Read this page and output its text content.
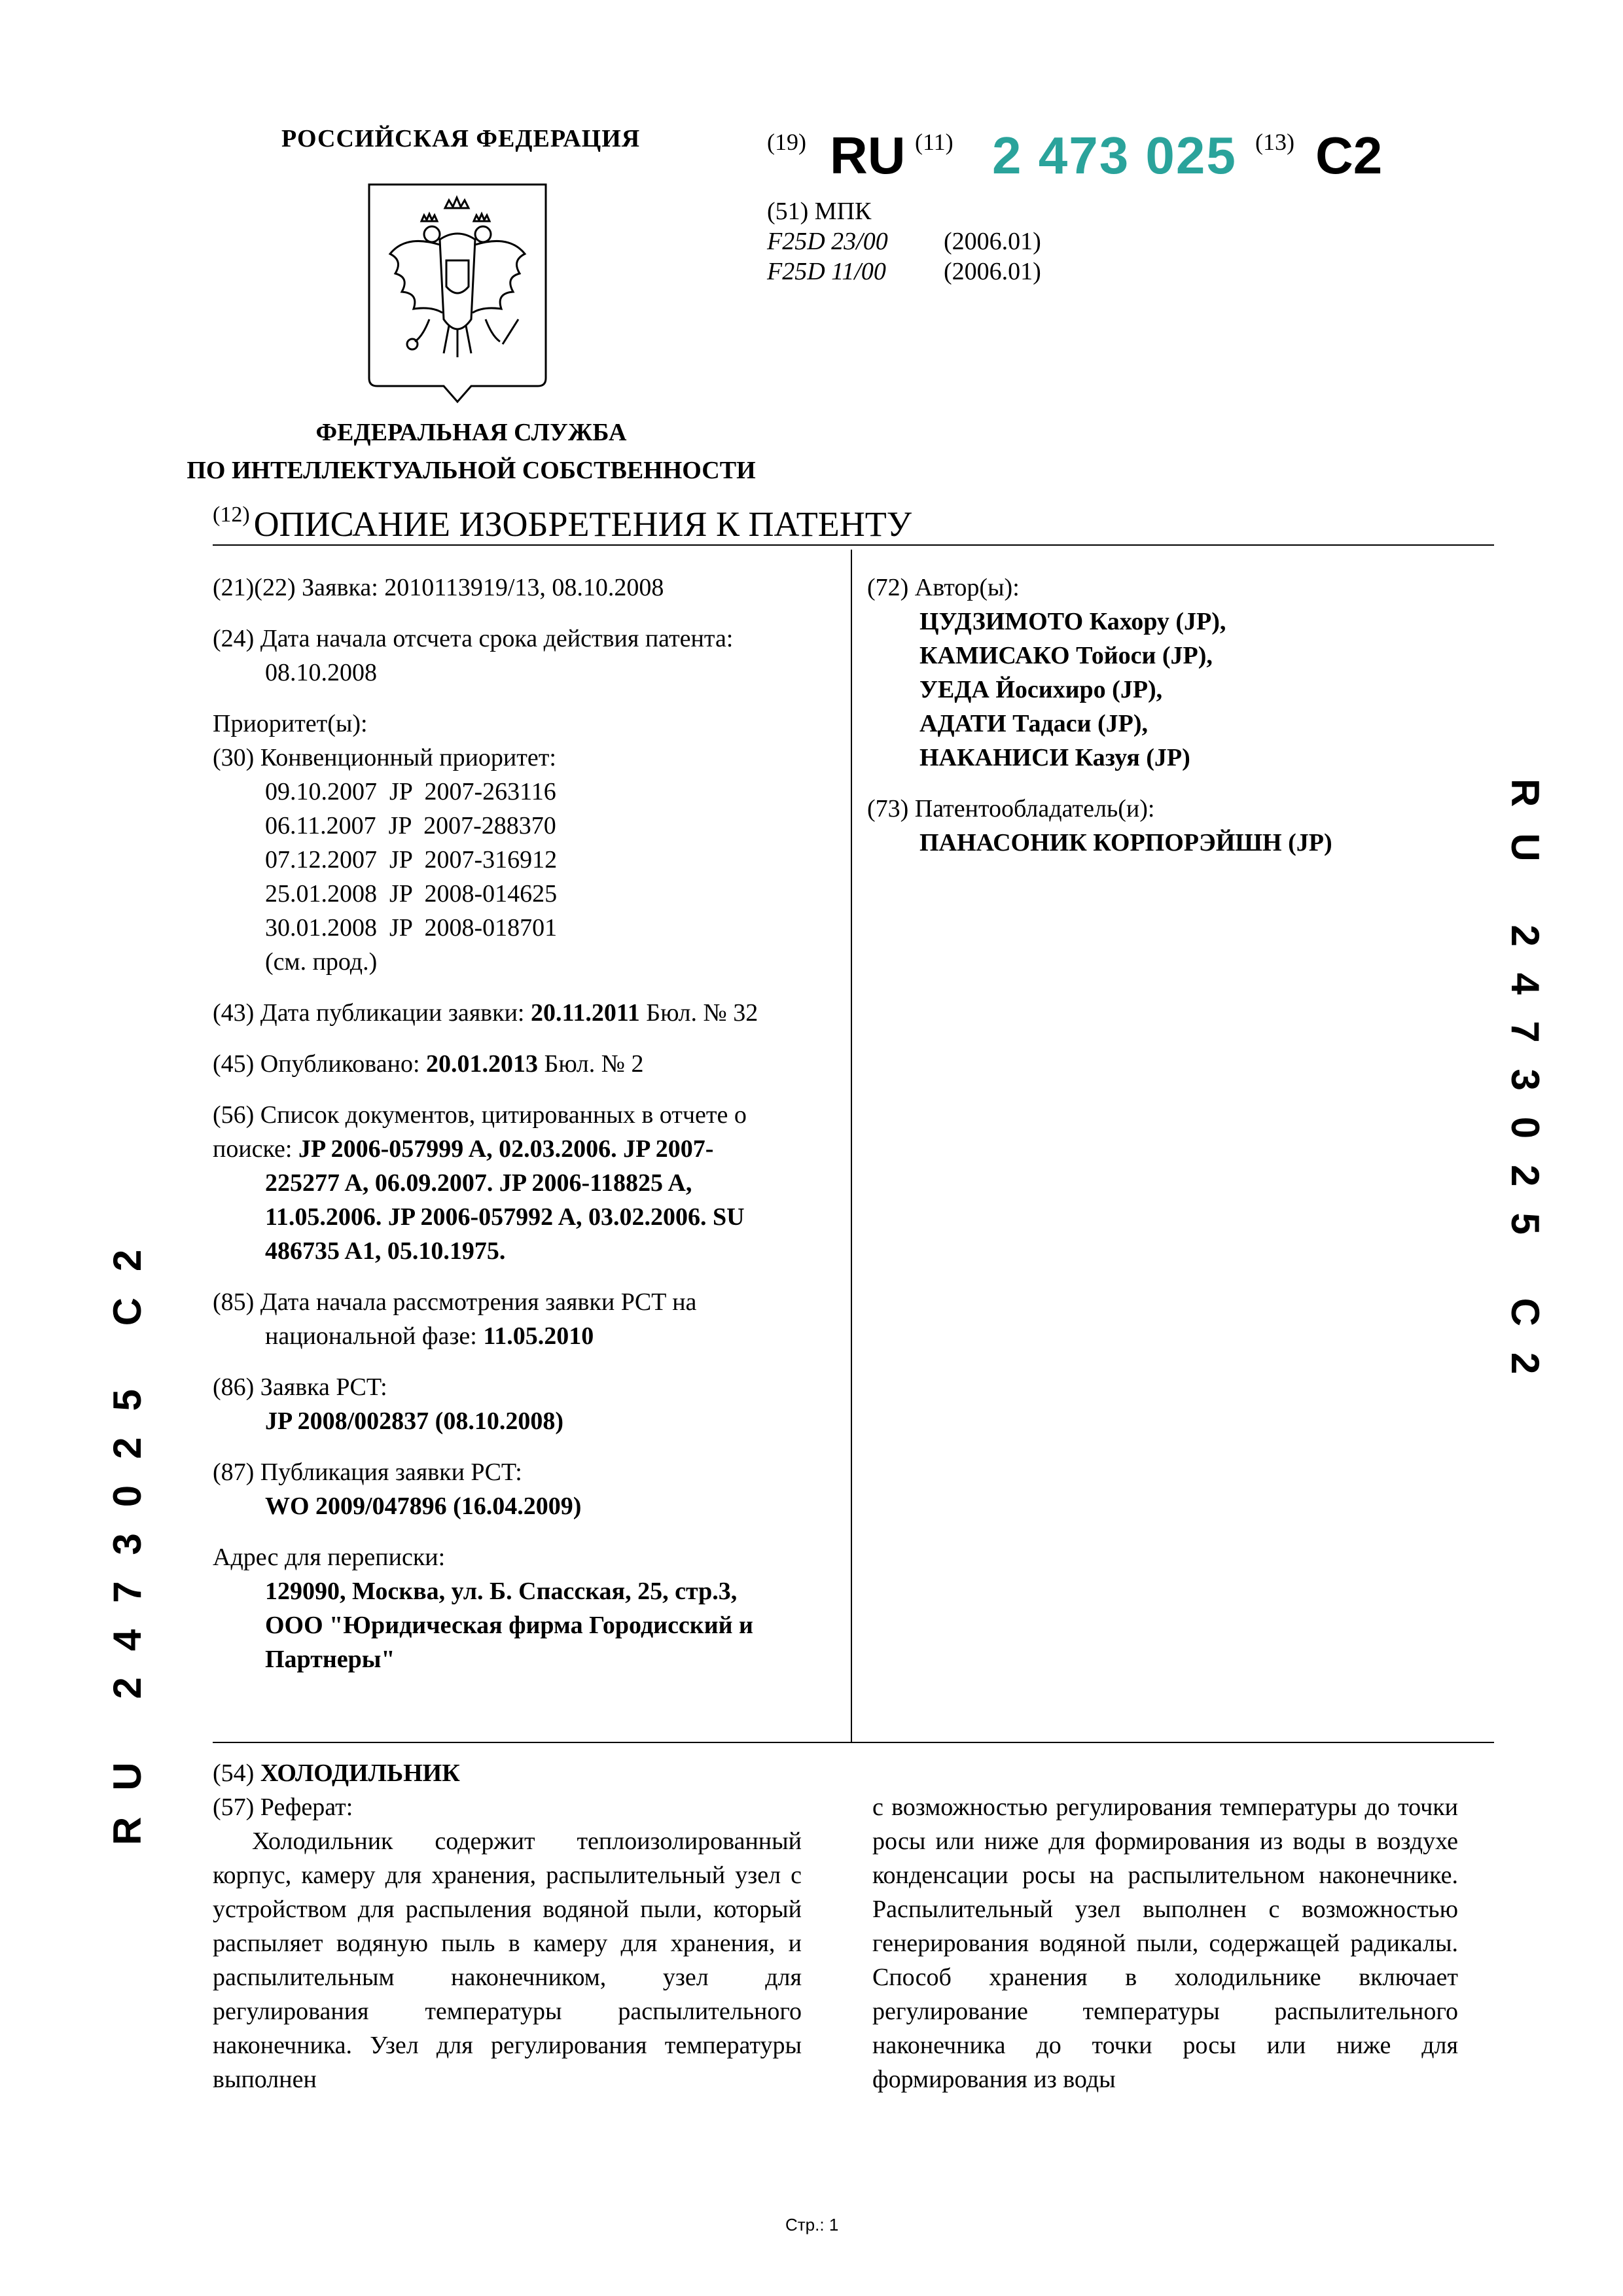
РОССИЙСКАЯ ФЕДЕРАЦИЯ
ФЕДЕРАЛЬНАЯ СЛУЖБА
ПО ИНТЕЛЛЕКТУАЛЬНОЙ СОБСТВЕННОСТИ
(19) RU (11) 2 473 025 (13) C2
(51) МПК
F25D 23/00 (2006.01)
F25D 11/00 (2006.01)
$^{(12)}$ ОПИСАНИЕ ИЗОБРЕТЕНИЯ К ПАТЕНТУ
(21)(22) Заявка: 2010113919/13, 08.10.2008
(24) Дата начала отсчета срока действия патента:
08.10.2008
Приоритет(ы):
(30) Конвенционный приоритет:
09.10.2007  JP  2007-263116
06.11.2007  JP  2007-288370
07.12.2007  JP  2007-316912
25.01.2008  JP  2008-014625
30.01.2008  JP  2008-018701
(см. прод.)
(43) Дата публикации заявки: 20.11.2011 Бюл. № 32
(45) Опубликовано: 20.01.2013 Бюл. № 2
(56) Список документов, цитированных в отчете о
поиске: JP 2006-057999 A, 02.03.2006. JP 2007-
225277 A, 06.09.2007. JP 2006-118825 A,
11.05.2006. JP 2006-057992 A, 03.02.2006. SU
486735 A1, 05.10.1975.
(85) Дата начала рассмотрения заявки PCT на
национальной фазе: 11.05.2010
(86) Заявка PCT:
JP 2008/002837 (08.10.2008)
(87) Публикация заявки PCT:
WO 2009/047896 (16.04.2009)
Адрес для переписки:
129090, Москва, ул. Б. Спасская, 25, стр.3,
ООО "Юридическая фирма Городисский и
Партнеры"
(72) Автор(ы):
ЦУДЗИМОТО Кахору (JP),
КАМИСАКО Тойоси (JP),
УЕДА Йосихиро (JP),
АДАТИ Тадаси (JP),
НАКАНИСИ Казуя (JP)
(73) Патентообладатель(и):
ПАНАСОНИК КОРПОРЭЙШН (JP)	RU 2473025 C2
RU 2473025 C2	(54) ХОЛОДИЛЬНИК
(57) Реферат:
Холодильник содержит теплоизолированный корпус, камеру для хранения, распылительный узел с устройством для распыления водяной пыли, который распыляет водяную пыль в камеру для хранения, и распылительным наконечником, узел для регулирования температуры распылительного наконечника. Узел для регулирования температуры выполнен
с возможностью регулирования температуры до точки росы или ниже для формирования из воды в воздухе конденсации росы на распылительном наконечнике. Распылительный узел выполнен с возможностью генерирования водяной пыли, содержащей радикалы. Способ хранения в холодильнике включает регулирование температуры распылительного наконечника до точки росы или ниже для формирования из воды
Стр.: 1
